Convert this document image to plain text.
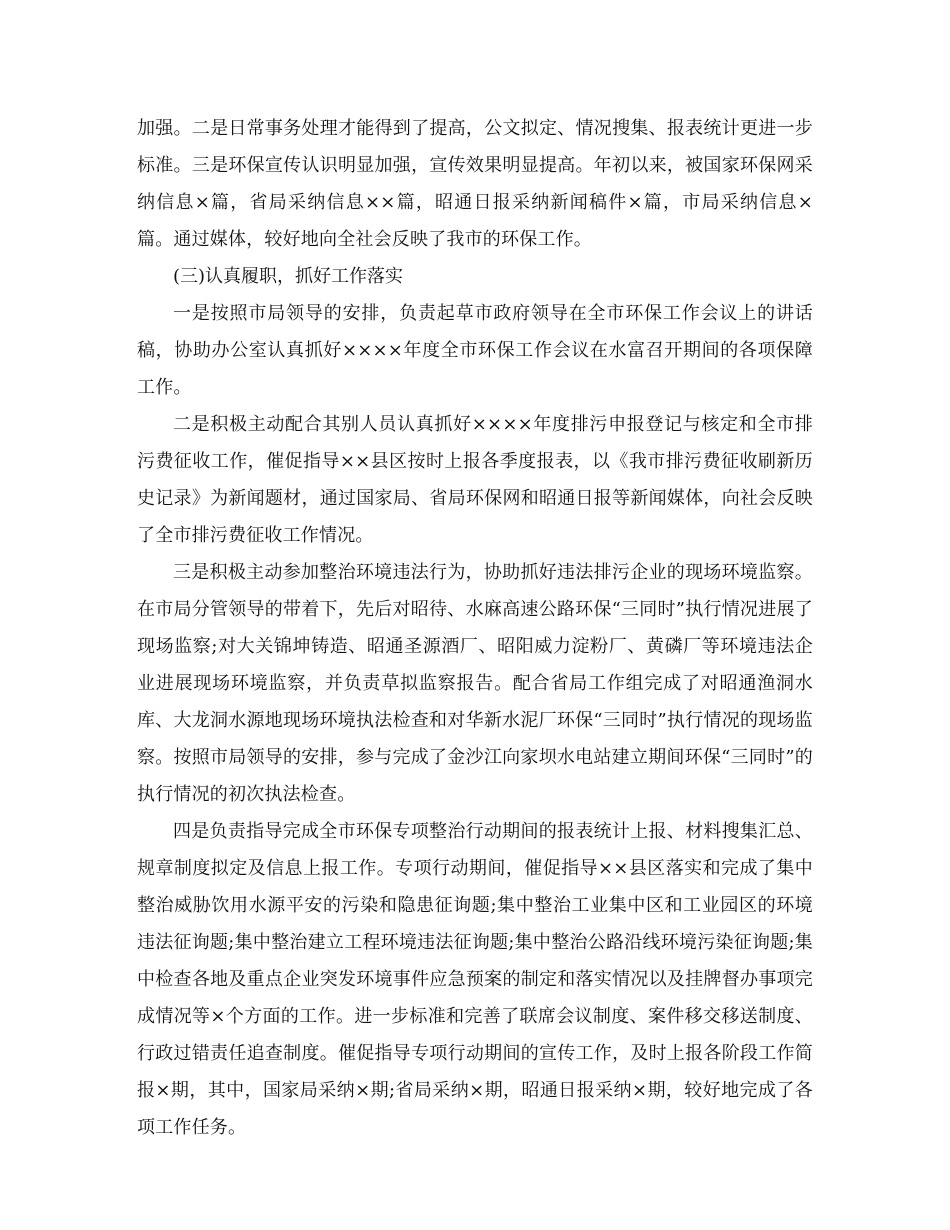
加强。二是日常事务处理才能得到了提高，公文拟定、情况搜集、报表统计更进一步标准。三是环保宣传认识明显加强，宣传效果明显提高。年初以来，被国家环保网采纳信息×篇，省局采纳信息××篇，昭通日报采纳新闻稿件×篇，市局采纳信息×篇。通过媒体，较好地向全社会反映了我市的环保工作。

(三)认真履职，抓好工作落实

一是按照市局领导的安排，负责起草市政府领导在全市环保工作会议上的讲话稿，协助办公室认真抓好××××年度全市环保工作会议在水富召开期间的各项保障工作。

二是积极主动配合其别人员认真抓好××××年度排污申报登记与核定和全市排污费征收工作，催促指导××县区按时上报各季度报表，以《我市排污费征收刷新历史记录》为新闻题材，通过国家局、省局环保网和昭通日报等新闻媒体，向社会反映了全市排污费征收工作情况。

三是积极主动参加整治环境违法行为，协助抓好违法排污企业的现场环境监察。在市局分管领导的带着下，先后对昭待、水麻高速公路环保“三同时”执行情况进展了现场监察;对大关锦坤铸造、昭通圣源酒厂、昭阳威力淀粉厂、黄磷厂等环境违法企业进展现场环境监察，并负责草拟监察报告。配合省局工作组完成了对昭通渔洞水库、大龙洞水源地现场环境执法检查和对华新水泥厂环保“三同时”执行情况的现场监察。按照市局领导的安排，参与完成了金沙江向家坝水电站建立期间环保“三同时”的执行情况的初次执法检查。

四是负责指导完成全市环保专项整治行动期间的报表统计上报、材料搜集汇总、规章制度拟定及信息上报工作。专项行动期间，催促指导××县区落实和完成了集中整治威胁饮用水源平安的污染和隐患征询题;集中整治工业集中区和工业园区的环境违法征询题;集中整治建立工程环境违法征询题;集中整治公路沿线环境污染征询题;集中检查各地及重点企业突发环境事件应急预案的制定和落实情况以及挂牌督办事项完成情况等×个方面的工作。进一步标准和完善了联席会议制度、案件移交移送制度、行政过错责任追查制度。催促指导专项行动期间的宣传工作，及时上报各阶段工作简报×期，其中，国家局采纳×期;省局采纳×期，昭通日报采纳×期，较好地完成了各项工作任务。
